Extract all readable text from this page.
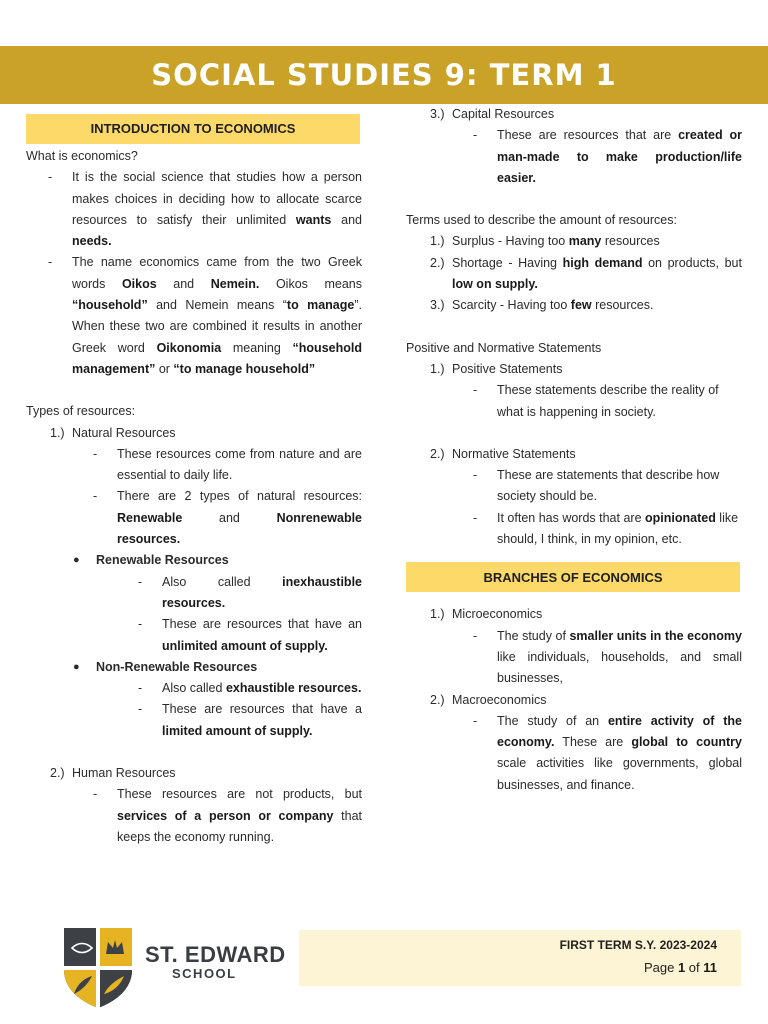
SOCIAL STUDIES 9: TERM 1
INTRODUCTION TO ECONOMICS

What is economics?

- It is the social science that studies how a person makes choices in deciding how to allocate scarce resources to satisfy their unlimited wants and needs.
- The name economics came from the two Greek words Oikos and Nemein. Oikos means “household” and Nemein means “to manage”. When these two are combined it results in another Greek word Oikonomia meaning “household management” or “to manage household”

Types of resources:

1.) Natural Resources
- These resources come from nature and are essential to daily life.
- There are 2 types of natural resources: Renewable and Nonrenewable resources.
● Renewable Resources
- Also called inexhaustible resources.
- These are resources that have an unlimited amount of supply.
● Non-Renewable Resources
- Also called exhaustible resources.
- These are resources that have a limited amount of supply.
2.) Human Resources
- These resources are not products, but services of a person or company that keeps the economy running.
3.) Capital Resources
- These are resources that are created or man-made to make production/life easier.

Terms used to describe the amount of resources:

1.) Surplus - Having too many resources
2.) Shortage - Having high demand on products, but low on supply.
3.) Scarcity - Having too few resources.

Positive and Normative Statements

1.) Positive Statements
- These statements describe the reality of what is happening in society.
2.) Normative Statements
- These are statements that describe how society should be.
- It often has words that are opinionated like should, I think, in my opinion, etc.
BRANCHES OF ECONOMICS
1.) Microeconomics
- The study of smaller units in the economy like individuals, households, and small businesses,
2.) Macroeconomics
- The study of an entire activity of the economy. These are global to country scale activities like governments, global businesses, and finance.
ST. EDWARD
SCHOOL
FIRST TERM S.Y. 2023-2024
Page 1 of 11
